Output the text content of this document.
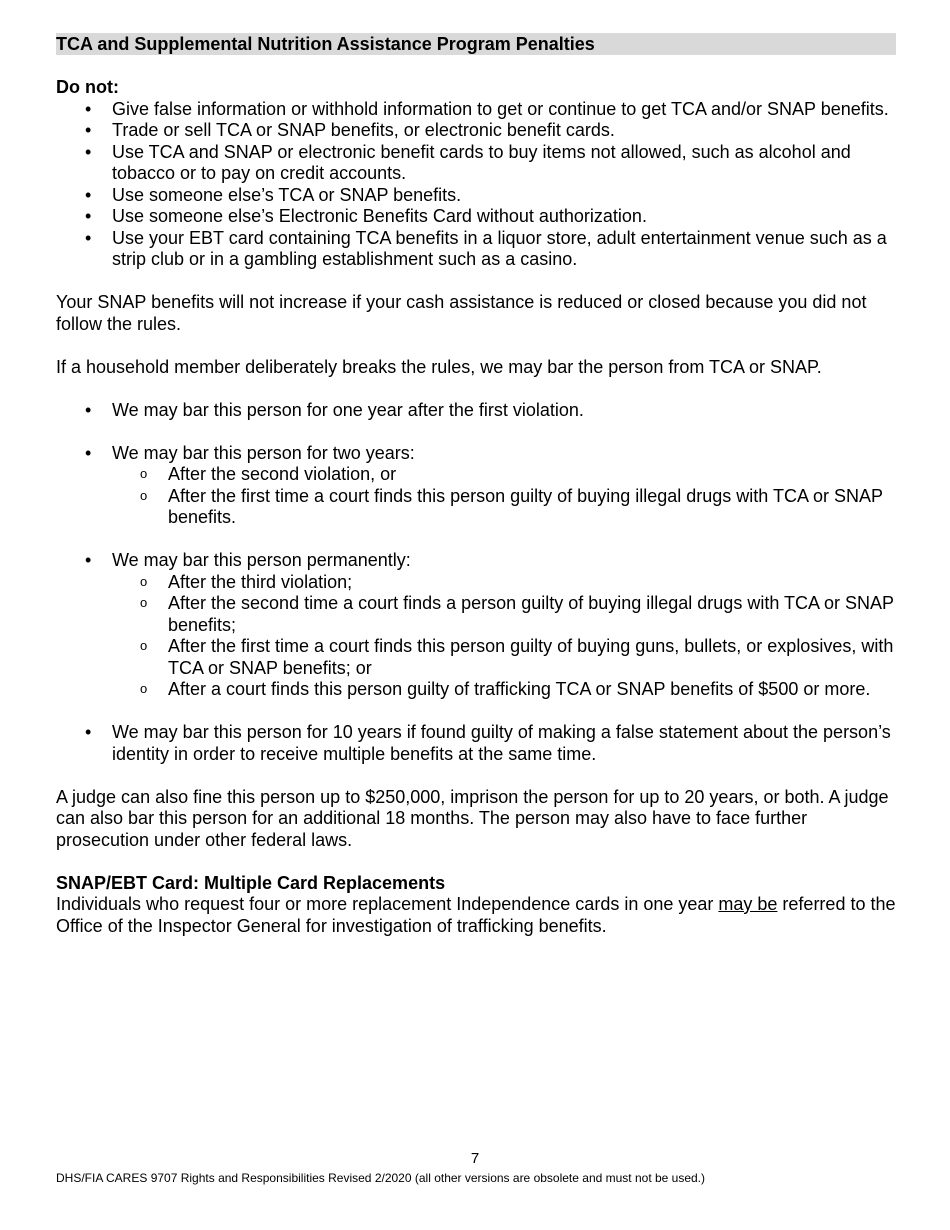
TCA and Supplemental Nutrition Assistance Program Penalties

Do not:

• Give false information or withhold information to get or continue to get TCA and/or SNAP benefits.
• Trade or sell TCA or SNAP benefits, or electronic benefit cards.
• Use TCA and SNAP or electronic benefit cards to buy items not allowed, such as alcohol and tobacco or to pay on credit accounts.
• Use someone else’s TCA or SNAP benefits.
• Use someone else’s Electronic Benefits Card without authorization.
• Use your EBT card containing TCA benefits in a liquor store, adult entertainment venue such as a strip club or in a gambling establishment such as a casino.

Your SNAP benefits will not increase if your cash assistance is reduced or closed because you did not follow the rules.

If a household member deliberately breaks the rules, we may bar the person from TCA or SNAP.

• We may bar this person for one year after the first violation.
• We may bar this person for two years:
o After the second violation, or
o After the first time a court finds this person guilty of buying illegal drugs with TCA or SNAP benefits.
• We may bar this person permanently:
o After the third violation;
o After the second time a court finds a person guilty of buying illegal drugs with TCA or SNAP benefits;
o After the first time a court finds this person guilty of buying guns, bullets, or explosives, with TCA or SNAP benefits; or
o After a court finds this person guilty of trafficking TCA or SNAP benefits of $500 or more.
• We may bar this person for 10 years if found guilty of making a false statement about the person’s identity in order to receive multiple benefits at the same time.

A judge can also fine this person up to $250,000, imprison the person for up to 20 years, or both. A judge can also bar this person for an additional 18 months. The person may also have to face further prosecution under other federal laws.

SNAP/EBT Card: Multiple Card Replacements

Individuals who request four or more replacement Independence cards in one year may be referred to the Office of the Inspector General for investigation of trafficking benefits.

7
DHS/FIA CARES 9707 Rights and Responsibilities Revised 2/2020 (all other versions are obsolete and must not be used.)
